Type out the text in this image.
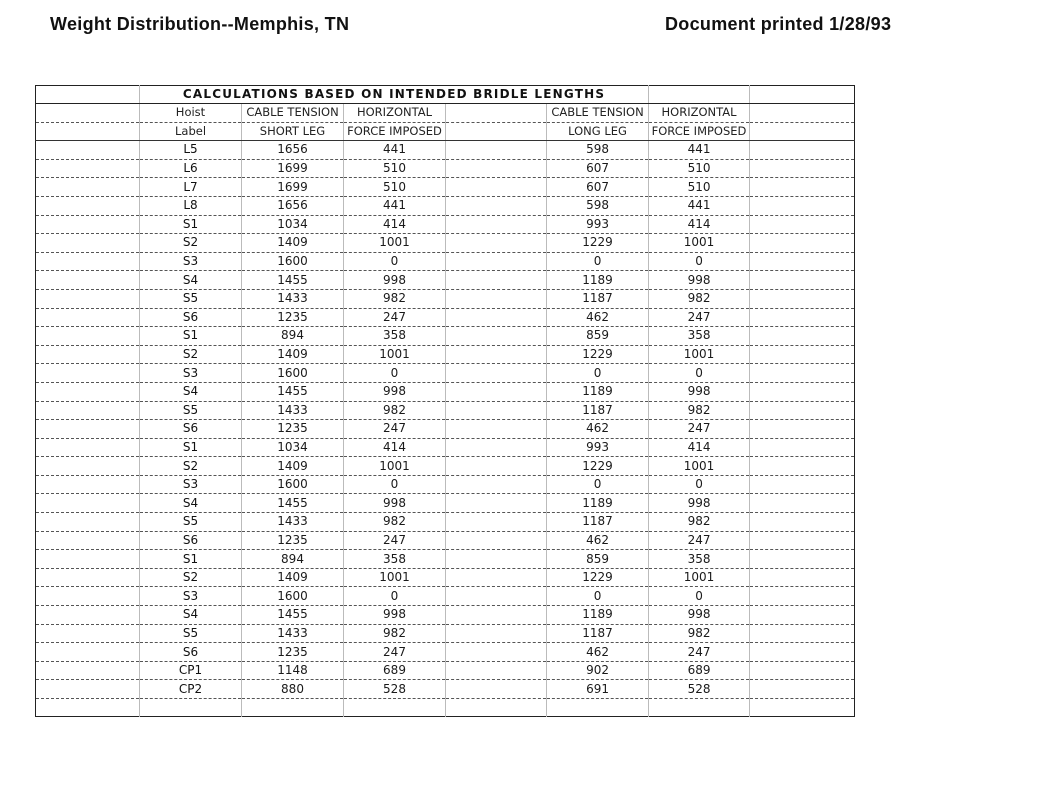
Weight Distribution--Memphis, TN	Document printed 1/28/93
	CALCULATIONS BASED ON INTENDED BRIDLE LENGTHS						
	Hoist	CABLE TENSION	HORIZONTAL		CABLE TENSION	HORIZONTAL	
	Label	SHORT LEG	FORCE IMPOSED		LONG LEG	FORCE IMPOSED	
	L5	1656	441		598	441	
	L6	1699	510		607	510	
	L7	1699	510		607	510	
	L8	1656	441		598	441	
	S1	1034	414		993	414	
	S2	1409	1001		1229	1001	
	S3	1600	0		0	0	
	S4	1455	998		1189	998	
	S5	1433	982		1187	982	
	S6	1235	247		462	247	
	S1	894	358		859	358	
	S2	1409	1001		1229	1001	
	S3	1600	0		0	0	
	S4	1455	998		1189	998	
	S5	1433	982		1187	982	
	S6	1235	247		462	247	
	S1	1034	414		993	414	
	S2	1409	1001		1229	1001	
	S3	1600	0		0	0	
	S4	1455	998		1189	998	
	S5	1433	982		1187	982	
	S6	1235	247		462	247	
	S1	894	358		859	358	
	S2	1409	1001		1229	1001	
	S3	1600	0		0	0	
	S4	1455	998		1189	998	
	S5	1433	982		1187	982	
	S6	1235	247		462	247	
	CP1	1148	689		902	689	
	CP2	880	528		691	528	
